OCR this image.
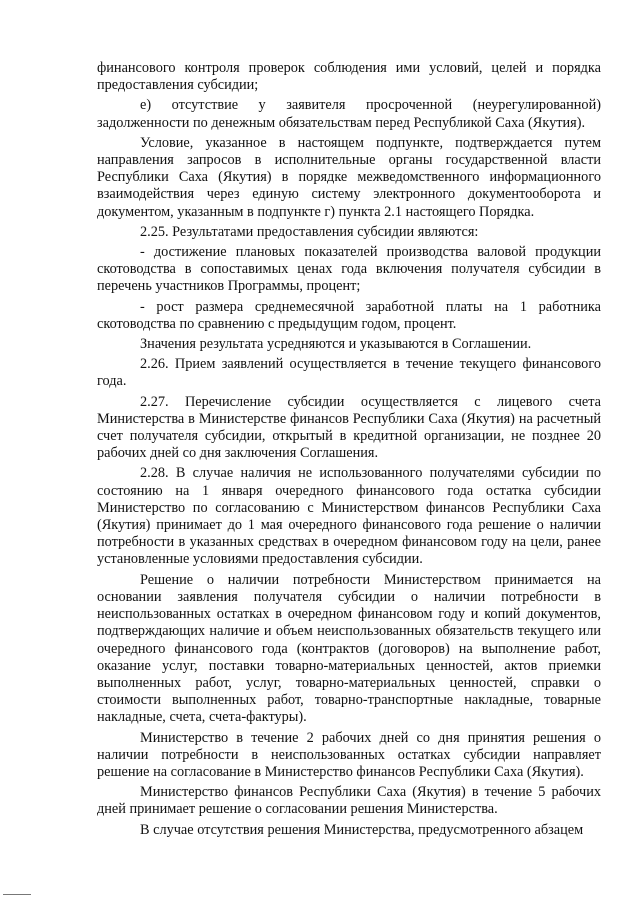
финансового контроля проверок соблюдения ими условий, целей и порядка предоставления субсидии;

е) отсутствие у заявителя просроченной (неурегулированной) задолженности по денежным обязательствам перед Республикой Саха (Якутия).

Условие, указанное в настоящем подпункте, подтверждается путем направления запросов в исполнительные органы государственной власти Республики Саха (Якутия) в порядке межведомственного информационного взаимодействия через единую систему электронного документооборота и документом, указанным в подпункте г) пункта 2.1 настоящего Порядка.

2.25. Результатами предоставления субсидии являются:

- достижение плановых показателей производства валовой продукции скотоводства в сопоставимых ценах года включения получателя субсидии в перечень участников Программы, процент;

- рост размера среднемесячной заработной платы на 1 работника скотоводства по сравнению с предыдущим годом, процент.

Значения результата усредняются и указываются в Соглашении.

2.26. Прием заявлений осуществляется в течение текущего финансового года.

2.27. Перечисление субсидии осуществляется с лицевого счета Министерства в Министерстве финансов Республики Саха (Якутия) на расчетный счет получателя субсидии, открытый в кредитной организации, не позднее 20 рабочих дней со дня заключения Соглашения.

2.28. В случае наличия не использованного получателями субсидии по состоянию на 1 января очередного финансового года остатка субсидии Министерство по согласованию с Министерством финансов Республики Саха (Якутия) принимает до 1 мая очередного финансового года решение о наличии потребности в указанных средствах в очередном финансовом году на цели, ранее установленные условиями предоставления субсидии.

Решение о наличии потребности Министерством принимается на основании заявления получателя субсидии о наличии потребности в неиспользованных остатках в очередном финансовом году и копий документов, подтверждающих наличие и объем неиспользованных обязательств текущего или очередного финансового года (контрактов (договоров) на выполнение работ, оказание услуг, поставки товарно-материальных ценностей, актов приемки выполненных работ, услуг, товарно-материальных ценностей, справки о стоимости выполненных работ, товарно-транспортные накладные, товарные накладные, счета, счета-фактуры).

Министерство в течение 2 рабочих дней со дня принятия решения о наличии потребности в неиспользованных остатках субсидии направляет решение на согласование в Министерство финансов Республики Саха (Якутия).

Министерство финансов Республики Саха (Якутия) в течение 5 рабочих дней принимает решение о согласовании решения Министерства.

В случае отсутствия решения Министерства, предусмотренного абзацем
